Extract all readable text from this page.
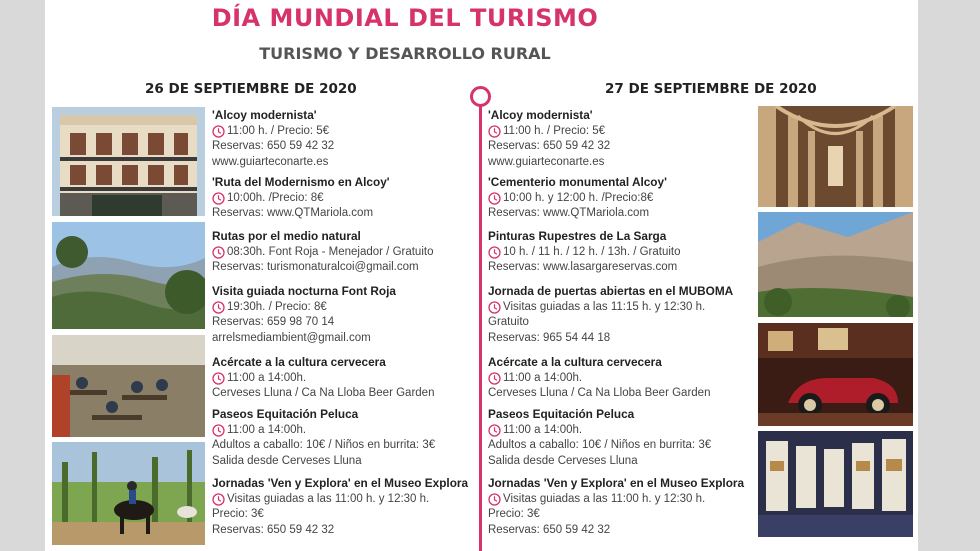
DÍA MUNDIAL DEL TURISMO
TURISMO Y DESARROLLO RURAL
26 DE SEPTIEMBRE DE 2020	27 DE SEPTIEMBRE DE 2020
'Alcoy modernista'
11:00 h. / Precio: 5€
Reservas: 650 59 42 32
www.guiarteconarte.es
'Ruta del Modernismo en Alcoy'
10:00h. /Precio: 8€
Reservas: www.QTMariola.com
Rutas por el medio natural
08:30h. Font Roja - Menejador / Gratuito
Reservas: turismonaturalcoi@gmail.com
Visita guiada nocturna Font Roja
19:30h. / Precio: 8€
Reservas: 659 98 70 14
arrelsmediambient@gmail.com
Acércate a la cultura cervecera
11:00 a 14:00h.
Cerveses Lluna / Ca Na Lloba Beer Garden
Paseos Equitación Peluca
11:00 a 14:00h.
Adultos a caballo: 10€ / Niños en burrita: 3€
Salida desde Cerveses Lluna
Jornadas 'Ven y Explora' en el Museo Explora
Visitas guiadas a las 11:00 h. y 12:30 h.
Precio: 3€
Reservas: 650 59 42 32
'Alcoy modernista'
11:00 h. / Precio: 5€
Reservas: 650 59 42 32
www.guiarteconarte.es
'Cementerio monumental Alcoy'
10:00 h. y 12:00 h. /Precio:8€
Reservas: www.QTMariola.com
Pinturas Rupestres de La Sarga
10 h. / 11 h. / 12 h. / 13h. / Gratuito
Reservas: www.lasargareservas.com
Jornada de puertas abiertas en el MUBOMA
Visitas guiadas a las 11:15 h. y 12:30 h.
Gratuito
Reservas: 965 54 44 18
Acércate a la cultura cervecera
11:00 a 14:00h.
Cerveses Lluna / Ca Na Lloba Beer Garden
Paseos Equitación Peluca
11:00 a 14:00h.
Adultos a caballo: 10€ / Niños en burrita: 3€
Salida desde Cerveses Lluna
Jornadas 'Ven y Explora' en el Museo Explora
Visitas guiadas a las 11:00 h. y 12:30 h.
Precio: 3€
Reservas: 650 59 42 32
